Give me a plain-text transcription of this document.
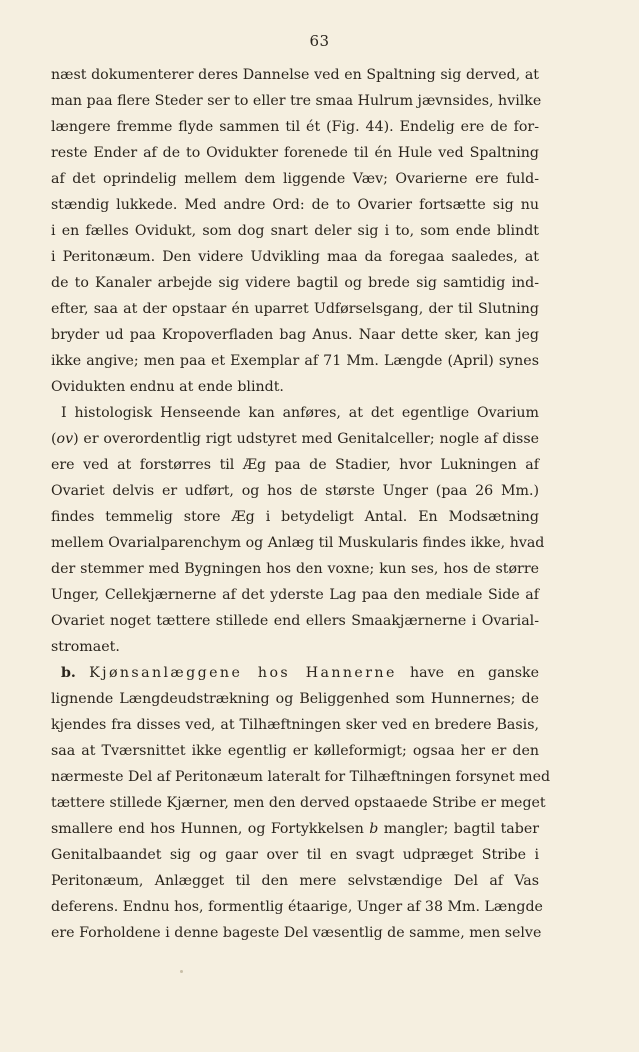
63
næst dokumenterer deres Dannelse ved en Spaltning sig derved, at
man paa flere Steder ser to eller tre smaa Hulrum jævnsides, hvilke
længere fremme flyde sammen til ét (Fig. 44). Endelig ere de for-
reste Ender af de to Ovidukter forenede til én Hule ved Spaltning
af det oprindelig mellem dem liggende Væv; Ovarierne ere fuld-
stændig lukkede. Med andre Ord: de to Ovarier fortsætte sig nu
i en fælles Ovidukt, som dog snart deler sig i to, som ende blindt
i Peritonæum. Den videre Udvikling maa da foregaa saaledes, at
de to Kanaler arbejde sig videre bagtil og brede sig samtidig ind-
efter, saa at der opstaar én uparret Udførselsgang, der til Slutning
bryder ud paa Kropoverfladen bag Anus. Naar dette sker, kan jeg
ikke angive; men paa et Exemplar af 71 Mm. Længde (April) synes
Ovidukten endnu at ende blindt.
I histologisk Henseende kan anføres, at det egentlige Ovarium
(ov) er overordentlig rigt udstyret med Genitalceller; nogle af disse
ere ved at forstørres til Æg paa de Stadier, hvor Lukningen af
Ovariet delvis er udført, og hos de største Unger (paa 26 Mm.)
findes temmelig store Æg i betydeligt Antal. En Modsætning
mellem Ovarialparenchym og Anlæg til Muskularis findes ikke, hvad
der stemmer med Bygningen hos den voxne; kun ses, hos de større
Unger, Cellekjærnerne af det yderste Lag paa den mediale Side af
Ovariet noget tættere stillede end ellers Smaakjærnerne i Ovarial-
stromaet.
b. Kjønsanlæggene hos Hannerne have en ganske
lignende Længdeudstrækning og Beliggenhed som Hunnernes; de
kjendes fra disses ved, at Tilhæftningen sker ved en bredere Basis,
saa at Tværsnittet ikke egentlig er kølleformigt; ogsaa her er den
nærmeste Del af Peritonæum lateralt for Tilhæftningen forsynet med
tættere stillede Kjærner, men den derved opstaaede Stribe er meget
smallere end hos Hunnen, og Fortykkelsen b mangler; bagtil taber
Genitalbaandet sig og gaar over til en svagt udpræget Stribe i
Peritonæum, Anlægget til den mere selvstændige Del af Vas
deferens. Endnu hos, formentlig étaarige, Unger af 38 Mm. Længde
ere Forholdene i denne bageste Del væsentlig de samme, men selve
